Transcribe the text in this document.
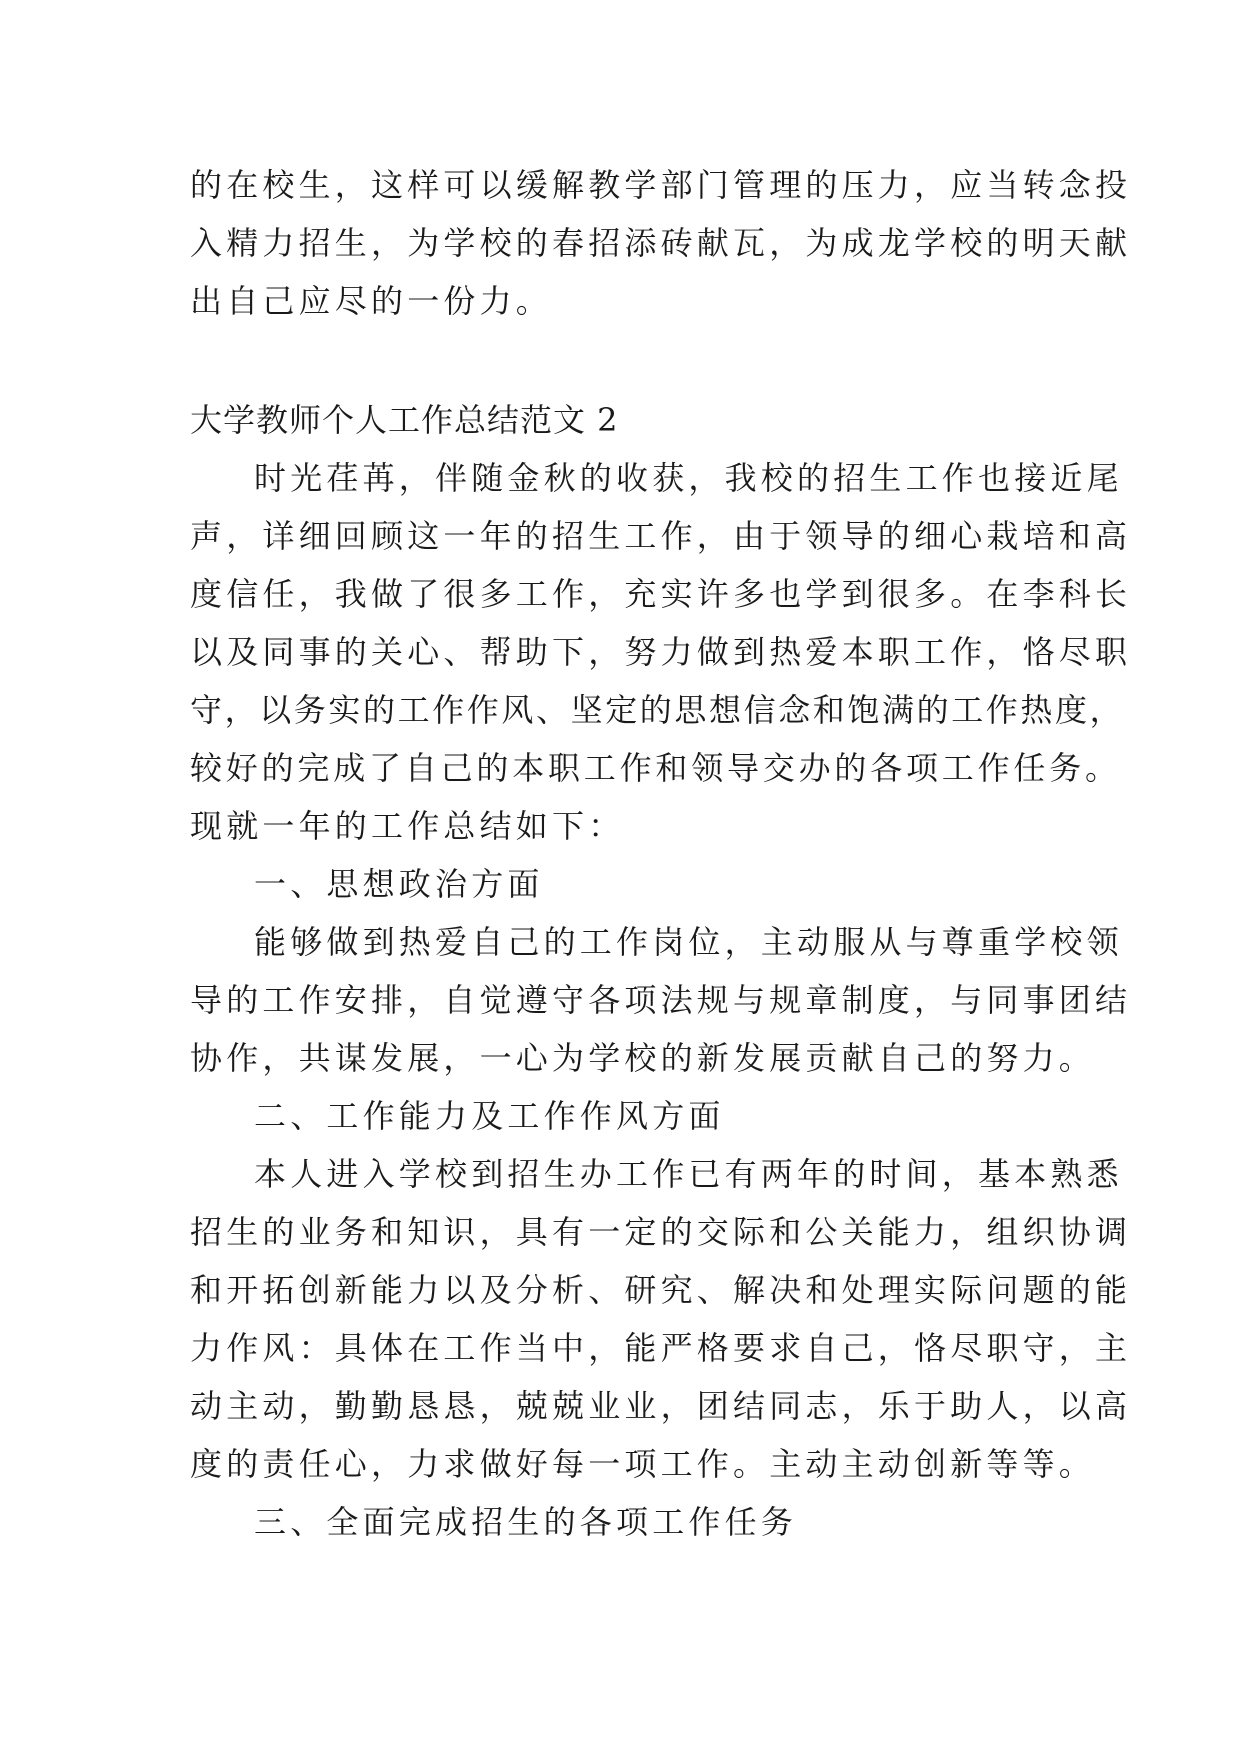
的在校生，这样可以缓解教学部门管理的压力，应当转念投
入精力招生，为学校的春招添砖献瓦，为成龙学校的明天献
出自己应尽的一份力。
大学教师个人工作总结范文 2
时光荏苒，伴随金秋的收获，我校的招生工作也接近尾
声，详细回顾这一年的招生工作，由于领导的细心栽培和高
度信任，我做了很多工作，充实许多也学到很多。在李科长
以及同事的关心、帮助下，努力做到热爱本职工作，恪尽职
守，以务实的工作作风、坚定的思想信念和饱满的工作热度，
较好的完成了自己的本职工作和领导交办的各项工作任务。
现就一年的工作总结如下：
一、思想政治方面
能够做到热爱自己的工作岗位，主动服从与尊重学校领
导的工作安排，自觉遵守各项法规与规章制度，与同事团结
协作，共谋发展，一心为学校的新发展贡献自己的努力。
二、工作能力及工作作风方面
本人进入学校到招生办工作已有两年的时间，基本熟悉
招生的业务和知识，具有一定的交际和公关能力，组织协调
和开拓创新能力以及分析、研究、解决和处理实际问题的能
力作风：具体在工作当中，能严格要求自己，恪尽职守，主
动主动，勤勤恳恳，兢兢业业，团结同志，乐于助人，以高
度的责任心，力求做好每一项工作。主动主动创新等等。
三、全面完成招生的各项工作任务
